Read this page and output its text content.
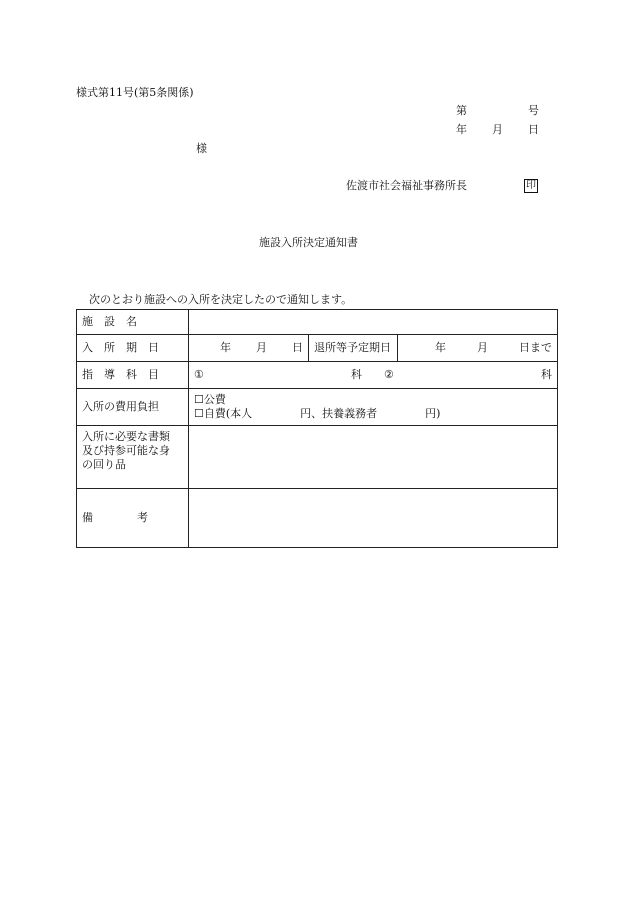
様式第11号(第5条関係)
第	号
年 月 日
様
佐渡市社会福祉事務所長	印
施設入所決定通知書
次のとおり施設への入所を決定したので通知します。
施　設　名			

入　所　期　日	年 月 日	退所等予定期日	年 月 日まで

指　導　科　目	① 科 ② 科		

入所の費用負担	☐公費
☐自費(本人 円、扶養義務者 円)		

入所に必要な書類
及び持参可能な身
の回り品			

備　　　　考			
